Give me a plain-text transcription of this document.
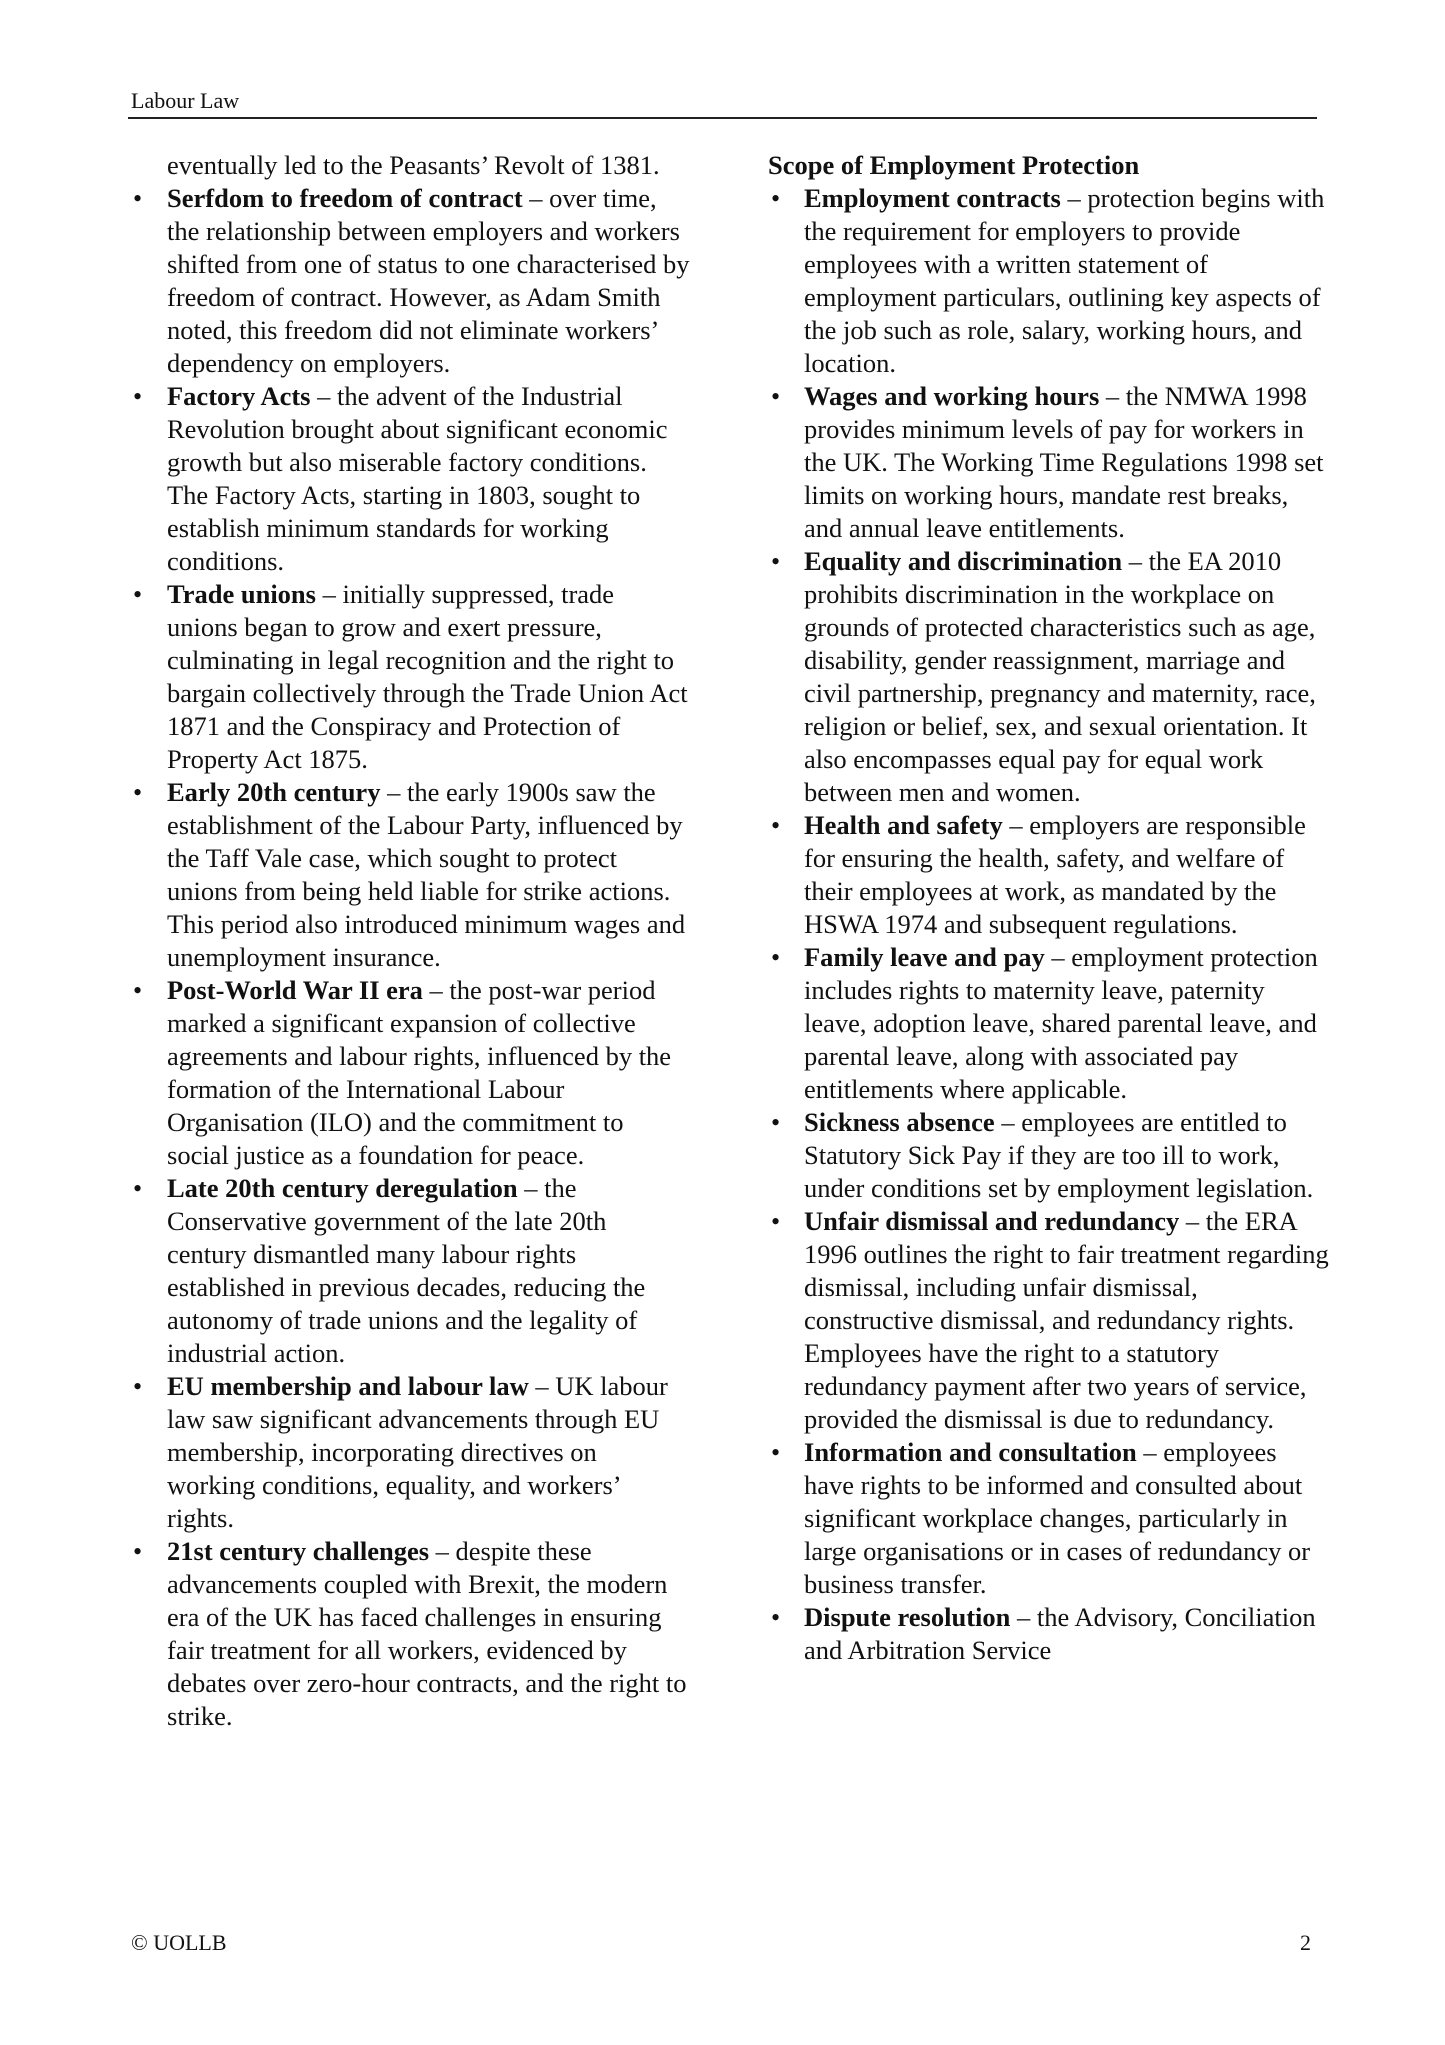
Labour Law

eventually led to the Peasants’ Revolt of 1381.

• Serfdom to freedom of contract – over time, the relationship between employers and workers shifted from one of status to one characterised by freedom of contract. However, as Adam Smith noted, this freedom did not eliminate workers’ dependency on employers.
• Factory Acts – the advent of the Industrial Revolution brought about significant economic growth but also miserable factory conditions. The Factory Acts, starting in 1803, sought to establish minimum standards for working conditions.
• Trade unions – initially suppressed, trade unions began to grow and exert pressure, culminating in legal recognition and the right to bargain collectively through the Trade Union Act 1871 and the Conspiracy and Protection of Property Act 1875.
• Early 20th century – the early 1900s saw the establishment of the Labour Party, influenced by the Taff Vale case, which sought to protect unions from being held liable for strike actions. This period also introduced minimum wages and unemployment insurance.
• Post-World War II era – the post-war period marked a significant expansion of collective agreements and labour rights, influenced by the formation of the International Labour Organisation (ILO) and the commitment to social justice as a foundation for peace.
• Late 20th century deregulation – the Conservative government of the late 20th century dismantled many labour rights established in previous decades, reducing the autonomy of trade unions and the legality of industrial action.
• EU membership and labour law – UK labour law saw significant advancements through EU membership, incorporating directives on working conditions, equality, and workers’ rights.
• 21st century challenges – despite these advancements coupled with Brexit, the modern era of the UK has faced challenges in ensuring fair treatment for all workers, evidenced by debates over zero-hour contracts, and the right to strike.
Scope of Employment Protection
• Employment contracts – protection begins with the requirement for employers to provide employees with a written statement of employment particulars, outlining key aspects of the job such as role, salary, working hours, and location.
• Wages and working hours – the NMWA 1998 provides minimum levels of pay for workers in the UK. The Working Time Regulations 1998 set limits on working hours, mandate rest breaks, and annual leave entitlements.
• Equality and discrimination – the EA 2010 prohibits discrimination in the workplace on grounds of protected characteristics such as age, disability, gender reassignment, marriage and civil partnership, pregnancy and maternity, race, religion or belief, sex, and sexual orientation. It also encompasses equal pay for equal work between men and women.
• Health and safety – employers are responsible for ensuring the health, safety, and welfare of their employees at work, as mandated by the HSWA 1974 and subsequent regulations.
• Family leave and pay – employment protection includes rights to maternity leave, paternity leave, adoption leave, shared parental leave, and parental leave, along with associated pay entitlements where applicable.
• Sickness absence – employees are entitled to Statutory Sick Pay if they are too ill to work, under conditions set by employment legislation.
• Unfair dismissal and redundancy – the ERA 1996 outlines the right to fair treatment regarding dismissal, including unfair dismissal, constructive dismissal, and redundancy rights. Employees have the right to a statutory redundancy payment after two years of service, provided the dismissal is due to redundancy.
• Information and consultation – employees have rights to be informed and consulted about significant workplace changes, particularly in large organisations or in cases of redundancy or business transfer.
• Dispute resolution – the Advisory, Conciliation and Arbitration Service
© UOLLB	2
